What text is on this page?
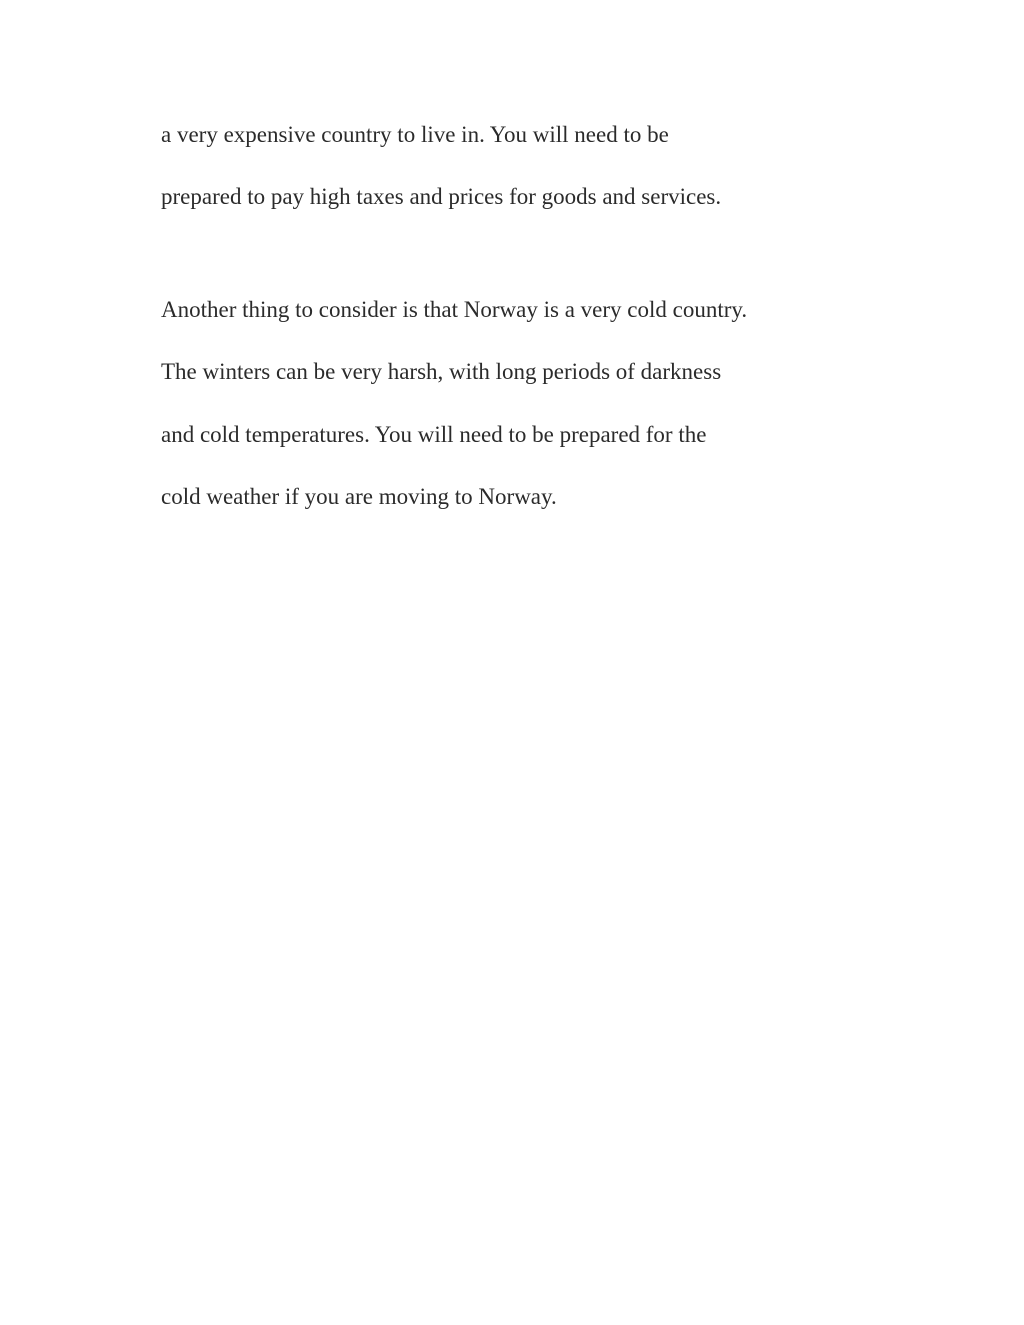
a very expensive country to live in. You will need to be
prepared to pay high taxes and prices for goods and services.
Another thing to consider is that Norway is a very cold country.
The winters can be very harsh, with long periods of darkness
and cold temperatures. You will need to be prepared for the
cold weather if you are moving to Norway.
